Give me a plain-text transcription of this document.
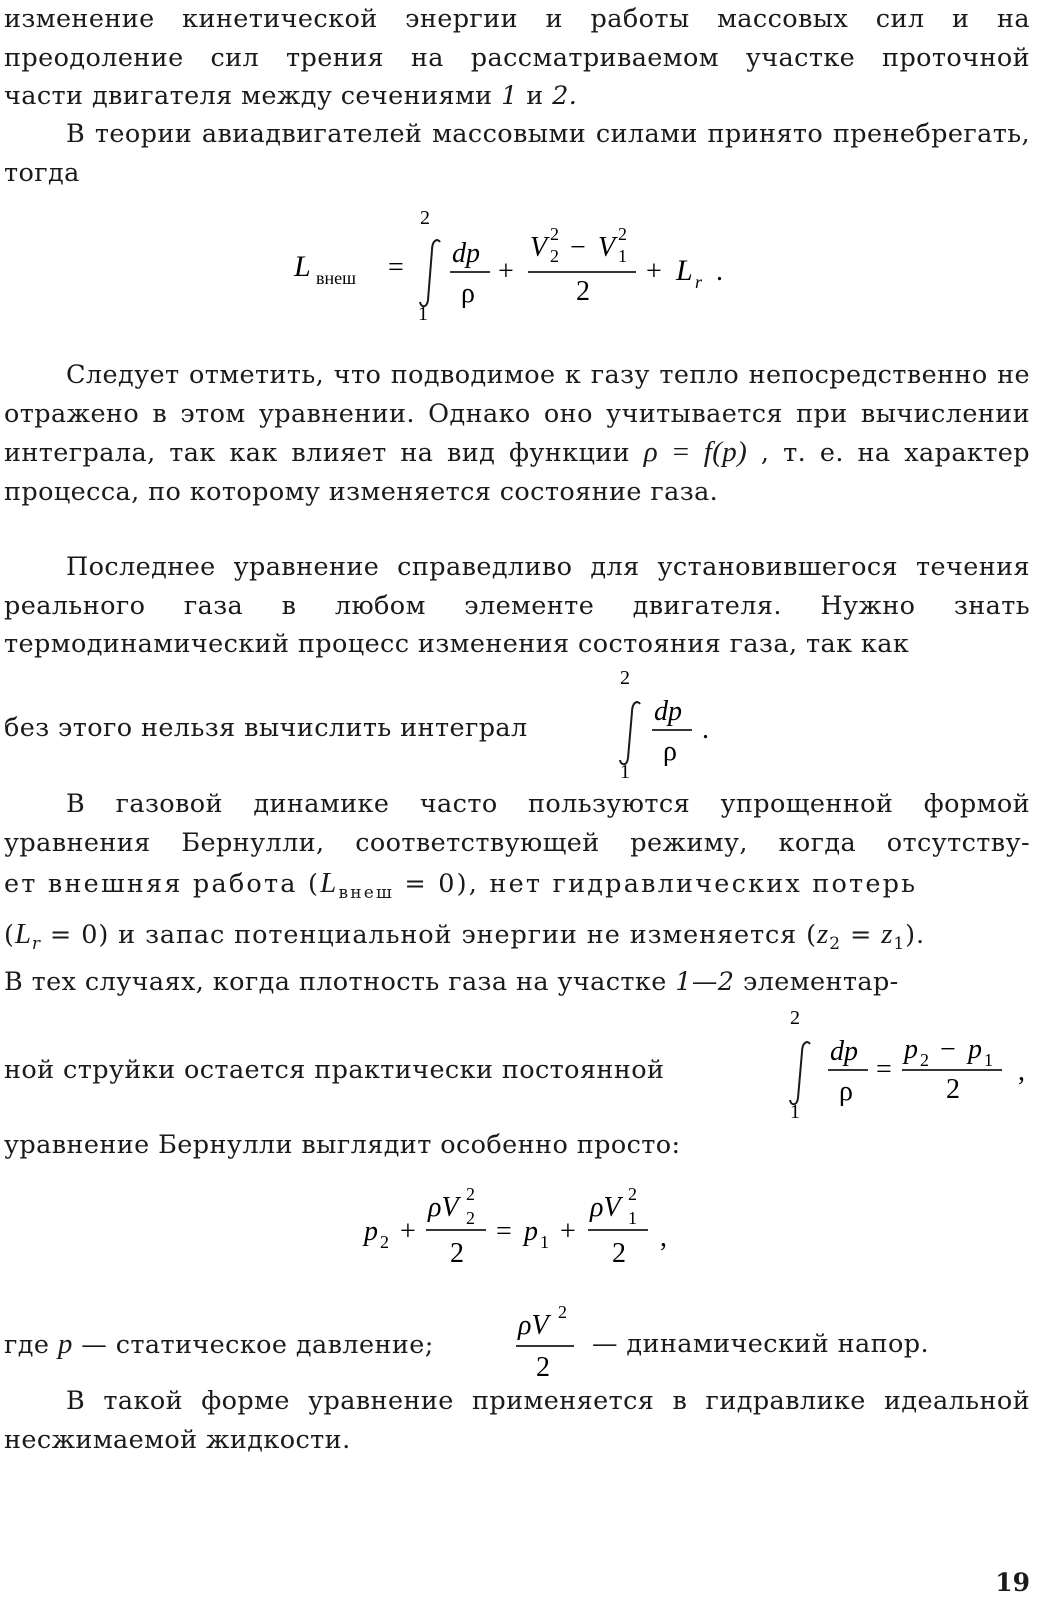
изменение кинетической энергии и работы массовых сил и на

преодоление сил трения на рассматриваемом участке проточной

части двигателя между сечениями 1 и 2.

В теории авиадвигателей массовыми силами принято пренебрегать, тогда

L внеш =
2
1
dp
ρ
+
V 2
2 − V 2
1
2
+ L r .

Следует отметить, что подводимое к газу тепло непосредственно не отражено в этом уравнении. Однако оно учитывается при вычислении интеграла, так как влияет на вид функции ρ = f(p) , т. е. на характер процесса, по которому изменяется состояние газа.

Последнее уравнение справедливо для установившегося течения реального газа в любом элементе двигателя. Нужно знать термодинамический процесс изменения состояния газа, так как

без этого нельзя вычислить интеграл

2
1
dp
ρ
.

В газовой динамике часто пользуются упрощенной формой

уравнения Бернулли, соответствующей режиму, когда отсутству-

ет внешняя работа $(L_{внеш} = 0)$, нет гидравлических потерь

$(L_r = 0)$ и запас потенциальной энергии не изменяется $(z_2 = z_1)$.

В тех случаях, когда плотность газа на участке 1—2 элементар-

ной струйки остается практически постоянной

2
1
dp
ρ
=
p 2 − p 1
2
,

уравнение Бернулли выглядит особенно просто:

p 2 +
ρV 2
2
2
= p 1 +
ρV 2
1
2
,

где p — статическое давление;

ρV 2
2

— динамический напор.

В такой форме уравнение применяется в гидравлике идеальной несжимаемой жидкости.

19
